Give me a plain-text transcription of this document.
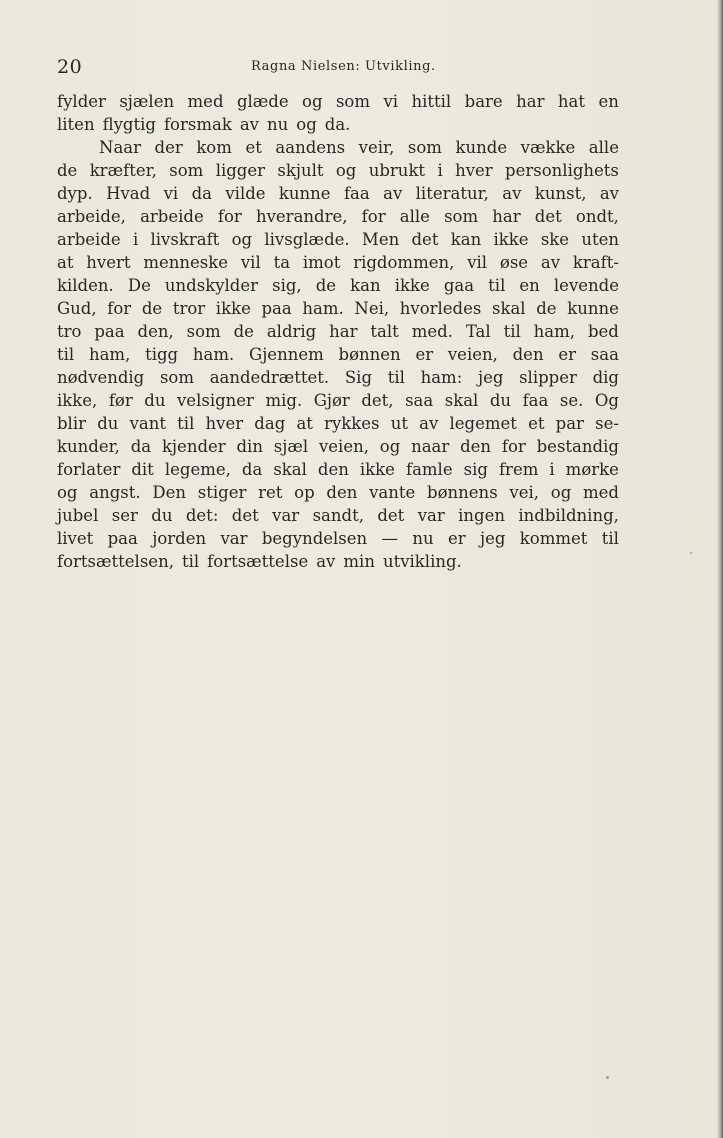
20	Ragna Nielsen: Utvikling.
fylder sjælen med glæde og som vi hittil bare har hat en
liten flygtig forsmak av nu og da.
Naar der kom et aandens veir, som kunde vække alle
de kræfter, som ligger skjult og ubrukt i hver personlighets
dyp. Hvad vi da vilde kunne faa av literatur, av kunst, av
arbeide, arbeide for hverandre, for alle som har det ondt,
arbeide i livskraft og livsglæde. Men det kan ikke ske uten
at hvert menneske vil ta imot rigdommen, vil øse av kraft-
kilden. De undskylder sig, de kan ikke gaa til en levende
Gud, for de tror ikke paa ham. Nei, hvorledes skal de kunne
tro paa den, som de aldrig har talt med. Tal til ham, bed
til ham, tigg ham. Gjennem bønnen er veien, den er saa
nødvendig som aandedrættet. Sig til ham: jeg slipper dig
ikke, før du velsigner mig. Gjør det, saa skal du faa se. Og
blir du vant til hver dag at rykkes ut av legemet et par se-
kunder, da kjender din sjæl veien, og naar den for bestandig
forlater dit legeme, da skal den ikke famle sig frem i mørke
og angst. Den stiger ret op den vante bønnens vei, og med
jubel ser du det: det var sandt, det var ingen indbildning,
livet paa jorden var begyndelsen — nu er jeg kommet til
fortsættelsen, til fortsættelse av min utvikling.
